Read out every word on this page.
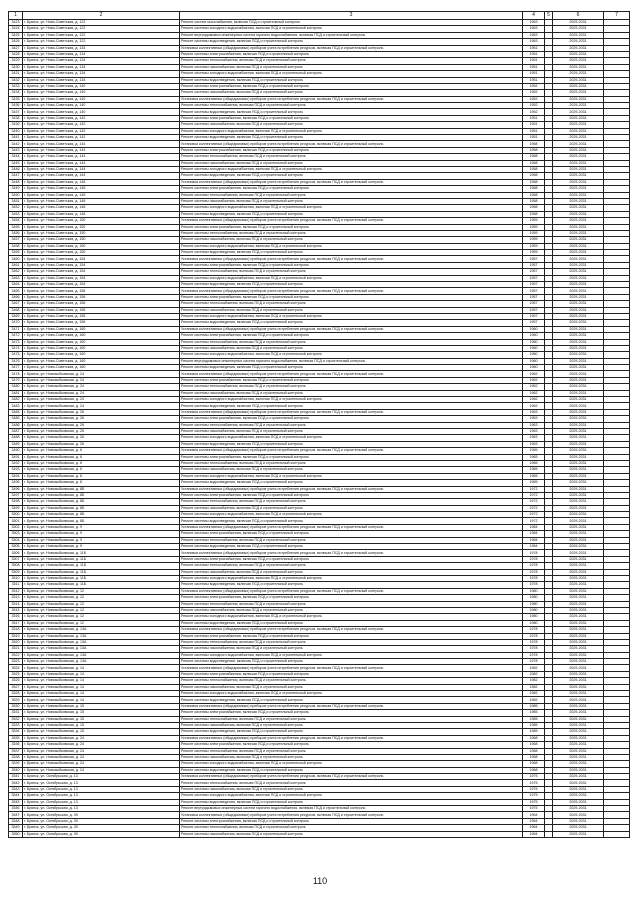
1	2	3	4	5	6	7
3423	г. Брянск, ул. Ново-Советская, д. 122	Ремонт систем газоснабжения, включая ПСД и строительный контроль	1963		2029-2031	
3424	г. Брянск, ул. Ново-Советская, д. 122	Ремонт системы холодного водоснабжения, включая ПСД и строительный контроль	1963		2029-2031	
3425	г. Брянск, ул. Ново-Советская, д. 122	Ремонт внутридомовых инженерных систем горячего водоснабжения, включая ПСД и строительный контроль	1963		2029-2031	
3426	г. Брянск, ул. Ново-Советская, д. 122	Ремонт системы водоотведения, включая ПСД и строительный контроль	1963		2029-2031	
3427	г. Брянск, ул. Ново-Советская, д. 134	Установка коллективных (общедомовых) приборов учета потребления ресурсов, включая ПСД и строительный контроль	1951		2029-2031	
3428	г. Брянск, ул. Ново-Советская, д. 134	Ремонт системы электроснабжения, включая ПСД и строительный контроль	1951		2029-2031	
3429	г. Брянск, ул. Ново-Советская, д. 134	Ремонт системы теплоснабжения, включая ПСД и строительный контроль	1951		2029-2031	
3430	г. Брянск, ул. Ново-Советская, д. 134	Ремонт системы газоснабжения, включая ПСД и строительный контроль	1951		2029-2031	
3431	г. Брянск, ул. Ново-Советская, д. 134	Ремонт системы холодного водоснабжения, включая ПСД и строительный контроль	1951		2029-2031	
3432	г. Брянск, ул. Ново-Советская, д. 134	Ремонт системы водоотведения, включая ПСД и строительный контроль	1951		2029-2031	
3433	г. Брянск, ул. Ново-Советская, д. 140	Ремонт системы электроснабжения, включая ПСД и строительный контроль	1952		2029-2031	
3434	г. Брянск, ул. Ново-Советская, д. 140	Ремонт системы газоснабжения, включая ПСД и строительный контроль	1952		2029-2031	
3435	г. Брянск, ул. Ново-Советская, д. 140	Установка коллективных (общедомовых) приборов учета потребления ресурсов, включая ПСД и строительный контроль	1952		2029-2031	
3436	г. Брянск, ул. Ново-Советская, д. 140	Ремонт системы теплоснабжения, включая ПСД и строительный контроль	1952		2029-2031	
3437	г. Брянск, ул. Ново-Советская, д. 140	Ремонт системы водоотведения, включая ПСД и строительный контроль	1952		2029-2031	
3438	г. Брянск, ул. Ново-Советская, д. 142	Ремонт системы электроснабжения, включая ПСД и строительный контроль	1951		2029-2031	
3439	г. Брянск, ул. Ново-Советская, д. 142	Ремонт системы газоснабжения, включая ПСД и строительный контроль	1951		2029-2031	
3440	г. Брянск, ул. Ново-Советская, д. 142	Ремонт системы холодного водоснабжения, включая ПСД и строительный контроль	1951		2029-2031	
3441	г. Брянск, ул. Ново-Советская, д. 142	Ремонт системы водоотведения, включая ПСД и строительный контроль	1951		2029-2031	
3442	г. Брянск, ул. Ново-Советская, д. 144	Установка коллективных (общедомовых) приборов учета потребления ресурсов, включая ПСД и строительный контроль	1958		2029-2031	
3443	г. Брянск, ул. Ново-Советская, д. 144	Ремонт системы электроснабжения, включая ПСД и строительный контроль	1958		2029-2031	
3444	г. Брянск, ул. Ново-Советская, д. 144	Ремонт системы теплоснабжения, включая ПСД и строительный контроль	1958		2029-2031	
3445	г. Брянск, ул. Ново-Советская, д. 144	Ремонт системы газоснабжения, включая ПСД и строительный контроль	1958		2029-2031	
3446	г. Брянск, ул. Ново-Советская, д. 144	Ремонт системы холодного водоснабжения, включая ПСД и строительный контроль	1958		2029-2031	
3447	г. Брянск, ул. Ново-Советская, д. 144	Ремонт системы водоотведения, включая ПСД и строительный контроль	1958		2029-2031	
3448	г. Брянск, ул. Ново-Советская, д. 146	Установка коллективных (общедомовых) приборов учета потребления ресурсов, включая ПСД и строительный контроль	1958		2029-2031	
3449	г. Брянск, ул. Ново-Советская, д. 146	Ремонт системы электроснабжения, включая ПСД и строительный контроль	1958		2029-2031	
3450	г. Брянск, ул. Ново-Советская, д. 146	Ремонт системы теплоснабжения, включая ПСД и строительный контроль	1958		2029-2031	
3451	г. Брянск, ул. Ново-Советская, д. 146	Ремонт системы газоснабжения, включая ПСД и строительный контроль	1958		2029-2031	
3452	г. Брянск, ул. Ново-Советская, д. 146	Ремонт системы холодного водоснабжения, включая ПСД и строительный контроль	1958		2029-2031	
3453	г. Брянск, ул. Ново-Советская, д. 146	Ремонт системы водоотведения, включая ПСД и строительный контроль	1958		2029-2031	
3454	г. Брянск, ул. Ново-Советская, д. 150	Установка коллективных (общедомовых) приборов учета потребления ресурсов, включая ПСД и строительный контроль	1959		2029-2031	
3455	г. Брянск, ул. Ново-Советская, д. 150	Ремонт системы электроснабжения, включая ПСД и строительный контроль	1959		2029-2031	
3456	г. Брянск, ул. Ново-Советская, д. 150	Ремонт системы теплоснабжения, включая ПСД и строительный контроль	1959		2029-2031	
3457	г. Брянск, ул. Ново-Советская, д. 150	Ремонт системы газоснабжения, включая ПСД и строительный контроль	1959		2029-2031	
3458	г. Брянск, ул. Ново-Советская, д. 150	Ремонт системы холодного водоснабжения, включая ПСД и строительный контроль	1959		2029-2031	
3459	г. Брянск, ул. Ново-Советская, д. 150	Ремонт системы водоотведения, включая ПСД и строительный контроль	1959		2029-2031	
3460	г. Брянск, ул. Ново-Советская, д. 154	Установка коллективных (общедомовых) приборов учета потребления ресурсов, включая ПСД и строительный контроль	1957		2029-2031	
3461	г. Брянск, ул. Ново-Советская, д. 154	Ремонт системы электроснабжения, включая ПСД и строительный контроль	1957		2029-2031	
3462	г. Брянск, ул. Ново-Советская, д. 154	Ремонт системы теплоснабжения, включая ПСД и строительный контроль	1957		2029-2031	
3463	г. Брянск, ул. Ново-Советская, д. 154	Ремонт системы холодного водоснабжения, включая ПСД и строительный контроль	1957		2029-2031	
3464	г. Брянск, ул. Ново-Советская, д. 154	Ремонт системы водоотведения, включая ПСД и строительный контроль	1957		2029-2031	
3465	г. Брянск, ул. Ново-Советская, д. 156	Установка коллективных (общедомовых) приборов учета потребления ресурсов, включая ПСД и строительный контроль	1957		2029-2031	
3466	г. Брянск, ул. Ново-Советская, д. 156	Ремонт системы электроснабжения, включая ПСД и строительный контроль	1957		2029-2031	
3467	г. Брянск, ул. Ново-Советская, д. 156	Ремонт системы теплоснабжения, включая ПСД и строительный контроль	1957		2029-2031	
3468	г. Брянск, ул. Ново-Советская, д. 156	Ремонт системы газоснабжения, включая ПСД и строительный контроль	1957		2029-2031	
3469	г. Брянск, ул. Ново-Советская, д. 156	Ремонт системы холодного водоснабжения, включая ПСД и строительный контроль	1957		2029-2031	
3470	г. Брянск, ул. Ново-Советская, д. 156	Ремонт системы водоотведения, включая ПСД и строительный контроль	1957		2029-2031	
3471	г. Брянск, ул. Ново-Советская, д. 160	Установка коллективных (общедомовых) приборов учета потребления ресурсов, включая ПСД и строительный контроль	1960		2029-2031	
3472	г. Брянск, ул. Ново-Советская, д. 160	Ремонт системы электроснабжения, включая ПСД и строительный контроль	1960		2029-2031	
3473	г. Брянск, ул. Ново-Советская, д. 160	Ремонт системы теплоснабжения, включая ПСД и строительный контроль	1960		2029-2031	
3474	г. Брянск, ул. Ново-Советская, д. 160	Ремонт системы газоснабжения, включая ПСД и строительный контроль	1960		2029-2031	
3475	г. Брянск, ул. Ново-Советская, д. 160	Ремонт системы холодного водоснабжения, включая ПСД и строительный контроль	1960		2029-2031	
3476	г. Брянск, ул. Ново-Советская, д. 160	Ремонт внутридомовых инженерных систем горячего водоснабжения, включая ПСД и строительный контроль	1960		2029-2031	
3477	г. Брянск, ул. Ново-Советская, д. 160	Ремонт системы водоотведения, включая ПСД и строительный контроль	1960		2029-2031	
3478	г. Брянск, ул. Новозыбковская, д. 24	Установка коллективных (общедомовых) приборов учета потребления ресурсов, включая ПСД и строительный контроль	1962		2029-2031	
3479	г. Брянск, ул. Новозыбковская, д. 24	Ремонт системы электроснабжения, включая ПСД и строительный контроль	1962		2029-2031	
3480	г. Брянск, ул. Новозыбковская, д. 24	Ремонт системы теплоснабжения, включая ПСД и строительный контроль	1962		2029-2031	
3481	г. Брянск, ул. Новозыбковская, д. 24	Ремонт системы газоснабжения, включая ПСД и строительный контроль	1962		2029-2031	
3482	г. Брянск, ул. Новозыбковская, д. 24	Ремонт системы холодного водоснабжения, включая ПСД и строительный контроль	1962		2029-2031	
3483	г. Брянск, ул. Новозыбковская, д. 24	Ремонт системы водоотведения, включая ПСД и строительный контроль	1962		2029-2031	
3484	г. Брянск, ул. Новозыбковская, д. 26	Установка коллективных (общедомовых) приборов учета потребления ресурсов, включая ПСД и строительный контроль	1963		2029-2031	
3485	г. Брянск, ул. Новозыбковская, д. 26	Ремонт системы электроснабжения, включая ПСД и строительный контроль	1963		2029-2031	
3486	г. Брянск, ул. Новозыбковская, д. 26	Ремонт системы теплоснабжения, включая ПСД и строительный контроль	1963		2029-2031	
3487	г. Брянск, ул. Новозыбковская, д. 26	Ремонт системы газоснабжения, включая ПСД и строительный контроль	1963		2029-2031	
3488	г. Брянск, ул. Новозыбковская, д. 26	Ремонт системы холодного водоснабжения, включая ПСД и строительный контроль	1963		2029-2031	
3489	г. Брянск, ул. Новозыбковская, д. 26	Ремонт системы водоотведения, включая ПСД и строительный контроль	1963		2029-2031	
3490	г. Брянск, ул. Новозыбковская, д. 6	Установка коллективных (общедомовых) приборов учета потребления ресурсов, включая ПСД и строительный контроль	1965		2029-2031	
3491	г. Брянск, ул. Новозыбковская, д. 6	Ремонт системы электроснабжения, включая ПСД и строительный контроль	1965		2029-2031	
3492	г. Брянск, ул. Новозыбковская, д. 6	Ремонт системы теплоснабжения, включая ПСД и строительный контроль	1965		2029-2031	
3493	г. Брянск, ул. Новозыбковская, д. 6	Ремонт системы газоснабжения, включая ПСД и строительный контроль	1965		2029-2031	
3494	г. Брянск, ул. Новозыбковская, д. 6	Ремонт системы холодного водоснабжения, включая ПСД и строительный контроль	1965		2029-2031	
3495	г. Брянск, ул. Новозыбковская, д. 6	Ремонт системы водоотведения, включая ПСД и строительный контроль	1965		2029-2031	
3496	г. Брянск, ул. Новозыбковская, д. 8Б	Установка коллективных (общедомовых) приборов учета потребления ресурсов, включая ПСД и строительный контроль	1972		2029-2031	
3497	г. Брянск, ул. Новозыбковская, д. 8Б	Ремонт системы электроснабжения, включая ПСД и строительный контроль	1972		2029-2031	
3498	г. Брянск, ул. Новозыбковская, д. 8Б	Ремонт системы теплоснабжения, включая ПСД и строительный контроль	1972		2029-2031	
3499	г. Брянск, ул. Новозыбковская, д. 8Б	Ремонт системы газоснабжения, включая ПСД и строительный контроль	1972		2029-2031	
3500	г. Брянск, ул. Новозыбковская, д. 8Б	Ремонт системы холодного водоснабжения, включая ПСД и строительный контроль	1972		2029-2031	
3501	г. Брянск, ул. Новозыбковская, д. 8Б	Ремонт системы водоотведения, включая ПСД и строительный контроль	1972		2029-2031	
3502	г. Брянск, ул. Новозыбковская, д. 9	Установка коллективных (общедомовых) приборов учета потребления ресурсов, включая ПСД и строительный контроль	1984		2029-2031	
3503	г. Брянск, ул. Новозыбковская, д. 9	Ремонт системы электроснабжения, включая ПСД и строительный контроль	1984		2029-2031	
3504	г. Брянск, ул. Новозыбковская, д. 9	Ремонт системы теплоснабжения, включая ПСД и строительный контроль	1984		2029-2031	
3505	г. Брянск, ул. Новозыбковская, д. 9	Ремонт системы водоотведения, включая ПСД и строительный контроль	1984		2029-2031	
3506	г. Брянск, ул. Новозыбковская, д. 11Б	Установка коллективных (общедомовых) приборов учета потребления ресурсов, включая ПСД и строительный контроль	1978		2029-2031	
3507	г. Брянск, ул. Новозыбковская, д. 11Б	Ремонт системы электроснабжения, включая ПСД и строительный контроль	1978		2029-2031	
3508	г. Брянск, ул. Новозыбковская, д. 11Б	Ремонт системы теплоснабжения, включая ПСД и строительный контроль	1978		2029-2031	
3509	г. Брянск, ул. Новозыбковская, д. 11Б	Ремонт системы газоснабжения, включая ПСД и строительный контроль	1978		2029-2031	
3510	г. Брянск, ул. Новозыбковская, д. 11Б	Ремонт системы холодного водоснабжения, включая ПСД и строительный контроль	1978		2029-2031	
3511	г. Брянск, ул. Новозыбковская, д. 11Б	Ремонт системы водоотведения, включая ПСД и строительный контроль	1978		2029-2031	
3512	г. Брянск, ул. Новозыбковская, д. 12	Установка коллективных (общедомовых) приборов учета потребления ресурсов, включая ПСД и строительный контроль	1980		2029-2031	
3513	г. Брянск, ул. Новозыбковская, д. 12	Ремонт системы электроснабжения, включая ПСД и строительный контроль	1980		2029-2031	
3514	г. Брянск, ул. Новозыбковская, д. 12	Ремонт системы теплоснабжения, включая ПСД и строительный контроль	1980		2029-2031	
3515	г. Брянск, ул. Новозыбковская, д. 12	Ремонт системы газоснабжения, включая ПСД и строительный контроль	1980		2029-2031	
3516	г. Брянск, ул. Новозыбковская, д. 12	Ремонт системы холодного водоснабжения, включая ПСД и строительный контроль	1980		2029-2031	
3517	г. Брянск, ул. Новозыбковская, д. 12	Ремонт системы водоотведения, включая ПСД и строительный контроль	1980		2029-2031	
3518	г. Брянск, ул. Новозыбковская, д. 13А	Установка коллективных (общедомовых) приборов учета потребления ресурсов, включая ПСД и строительный контроль	1978		2029-2031	
3519	г. Брянск, ул. Новозыбковская, д. 13А	Ремонт системы электроснабжения, включая ПСД и строительный контроль	1978		2029-2031	
3520	г. Брянск, ул. Новозыбковская, д. 13А	Ремонт системы теплоснабжения, включая ПСД и строительный контроль	1978		2029-2031	
3521	г. Брянск, ул. Новозыбковская, д. 13А	Ремонт системы газоснабжения, включая ПСД и строительный контроль	1978		2029-2031	
3522	г. Брянск, ул. Новозыбковская, д. 13А	Ремонт системы холодного водоснабжения, включая ПСД и строительный контроль	1978		2029-2031	
3523	г. Брянск, ул. Новозыбковская, д. 13А	Ремонт системы водоотведения, включая ПСД и строительный контроль	1978		2029-2031	
3524	г. Брянск, ул. Новозыбковская, д. 14	Установка коллективных (общедомовых) приборов учета потребления ресурсов, включая ПСД и строительный контроль	1982		2029-2031	
3525	г. Брянск, ул. Новозыбковская, д. 14	Ремонт системы электроснабжения, включая ПСД и строительный контроль	1982		2029-2031	
3526	г. Брянск, ул. Новозыбковская, д. 14	Ремонт системы теплоснабжения, включая ПСД и строительный контроль	1982		2029-2031	
3527	г. Брянск, ул. Новозыбковская, д. 14	Ремонт системы газоснабжения, включая ПСД и строительный контроль	1982		2029-2031	
3528	г. Брянск, ул. Новозыбковская, д. 14	Ремонт системы холодного водоснабжения, включая ПСД и строительный контроль	1982		2029-2031	
3529	г. Брянск, ул. Новозыбковская, д. 14	Ремонт системы водоотведения, включая ПСД и строительный контроль	1982		2029-2031	
3530	г. Брянск, ул. Новозыбковская, д. 15	Установка коллективных (общедомовых) приборов учета потребления ресурсов, включая ПСД и строительный контроль	1985		2029-2031	
3531	г. Брянск, ул. Новозыбковская, д. 15	Ремонт системы электроснабжения, включая ПСД и строительный контроль	1985		2029-2031	
3532	г. Брянск, ул. Новозыбковская, д. 15	Ремонт системы теплоснабжения, включая ПСД и строительный контроль	1985		2029-2031	
3533	г. Брянск, ул. Новозыбковская, д. 15	Ремонт системы газоснабжения, включая ПСД и строительный контроль	1985		2029-2031	
3534	г. Брянск, ул. Новозыбковская, д. 15	Ремонт системы водоотведения, включая ПСД и строительный контроль	1985		2029-2031	
3535	г. Брянск, ул. Новозыбковская, д. 24	Установка коллективных (общедомовых) приборов учета потребления ресурсов, включая ПСД и строительный контроль	1968		2029-2031	
3536	г. Брянск, ул. Новозыбковская, д. 24	Ремонт системы электроснабжения, включая ПСД и строительный контроль	1968		2029-2031	
3537	г. Брянск, ул. Новозыбковская, д. 24	Ремонт системы теплоснабжения, включая ПСД и строительный контроль	1968		2029-2031	
3538	г. Брянск, ул. Новозыбковская, д. 24	Ремонт системы газоснабжения, включая ПСД и строительный контроль	1968		2029-2031	
3539	г. Брянск, ул. Новозыбковская, д. 24	Ремонт системы холодного водоснабжения, включая ПСД и строительный контроль	1968		2029-2031	
3540	г. Брянск, ул. Новозыбковская, д. 24	Ремонт системы водоотведения, включая ПСД и строительный контроль	1968		2029-2031	
3541	г. Брянск, ул. Октябрьская, д. 13	Установка коллективных (общедомовых) приборов учета потребления ресурсов, включая ПСД и строительный контроль	1975		2029-2031	
3542	г. Брянск, ул. Октябрьская, д. 13	Ремонт системы теплоснабжения, включая ПСД и строительный контроль	1975		2029-2031	
3543	г. Брянск, ул. Октябрьская, д. 13	Ремонт системы газоснабжения, включая ПСД и строительный контроль	1975		2029-2031	
3544	г. Брянск, ул. Октябрьская, д. 13	Ремонт системы холодного водоснабжения, включая ПСД и строительный контроль	1975		2029-2031	
3545	г. Брянск, ул. Октябрьская, д. 13	Ремонт системы водоотведения, включая ПСД и строительный контроль	1975		2029-2031	
3546	г. Брянск, ул. Октябрьская, д. 13	Ремонт внутридомовых инженерных систем горячего водоснабжения, включая ПСД и строительный контроль	1975		2029-2031	
3547	г. Брянск, ул. Октябрьская, д. 39	Установка коллективных (общедомовых) приборов учета потребления ресурсов, включая ПСД и строительный контроль	1964		2029-2031	
3548	г. Брянск, ул. Октябрьская, д. 39	Ремонт системы электроснабжения, включая ПСД и строительный контроль	1964		2029-2031	
3549	г. Брянск, ул. Октябрьская, д. 39	Ремонт системы теплоснабжения, включая ПСД и строительный контроль	1964		2029-2031	
3550	г. Брянск, ул. Октябрьская, д. 39	Ремонт системы газоснабжения, включая ПСД и строительный контроль	1964		2029-2031	
110
